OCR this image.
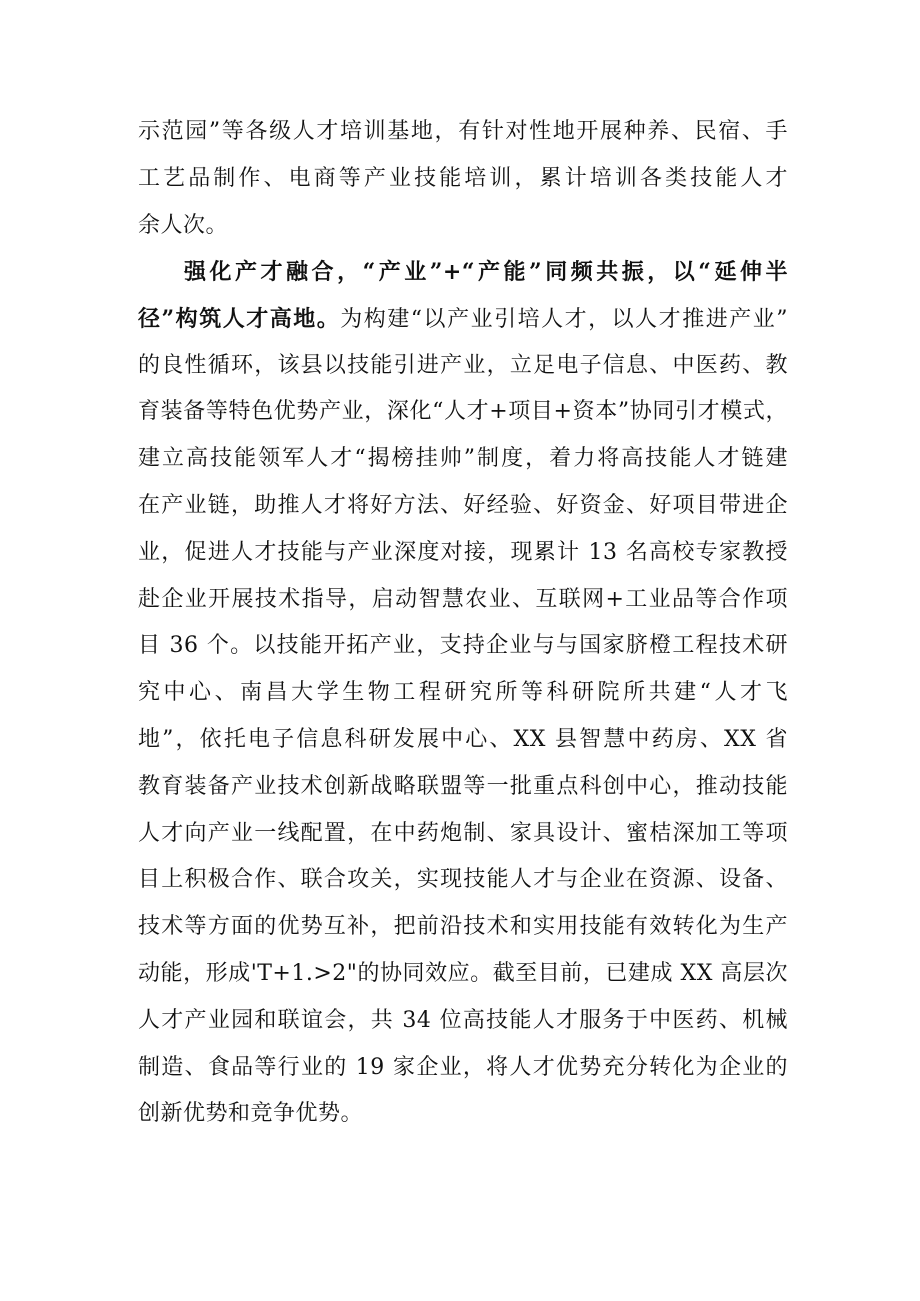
示范园”等各级人才培训基地，有针对性地开展种养、民宿、手
工艺品制作、电商等产业技能培训，累计培训各类技能人才
余人次。
强化产才融合，“产业”+“产能”同频共振，以“延伸半
径”构筑人才高地。为构建“以产业引培人才，以人才推进产业”
的良性循环，该县以技能引进产业，立足电子信息、中医药、教
育装备等特色优势产业，深化“人才+项目+资本”协同引才模式，
建立高技能领军人才“揭榜挂帅”制度，着力将高技能人才链建
在产业链，助推人才将好方法、好经验、好资金、好项目带进企
业，促进人才技能与产业深度对接，现累计 13 名高校专家教授
赴企业开展技术指导，启动智慧农业、互联网+工业品等合作项
目 36 个。以技能开拓产业，支持企业与与国家脐橙工程技术研
究中心、南昌大学生物工程研究所等科研院所共建“人才飞
地”，依托电子信息科研发展中心、XX 县智慧中药房、XX 省
教育装备产业技术创新战略联盟等一批重点科创中心，推动技能
人才向产业一线配置，在中药炮制、家具设计、蜜桔深加工等项
目上积极合作、联合攻关，实现技能人才与企业在资源、设备、
技术等方面的优势互补，把前沿技术和实用技能有效转化为生产
动能，形成'T+1.>2"的协同效应。截至目前，已建成 XX 高层次
人才产业园和联谊会，共 34 位高技能人才服务于中医药、机械
制造、食品等行业的 19 家企业，将人才优势充分转化为企业的
创新优势和竞争优势。
